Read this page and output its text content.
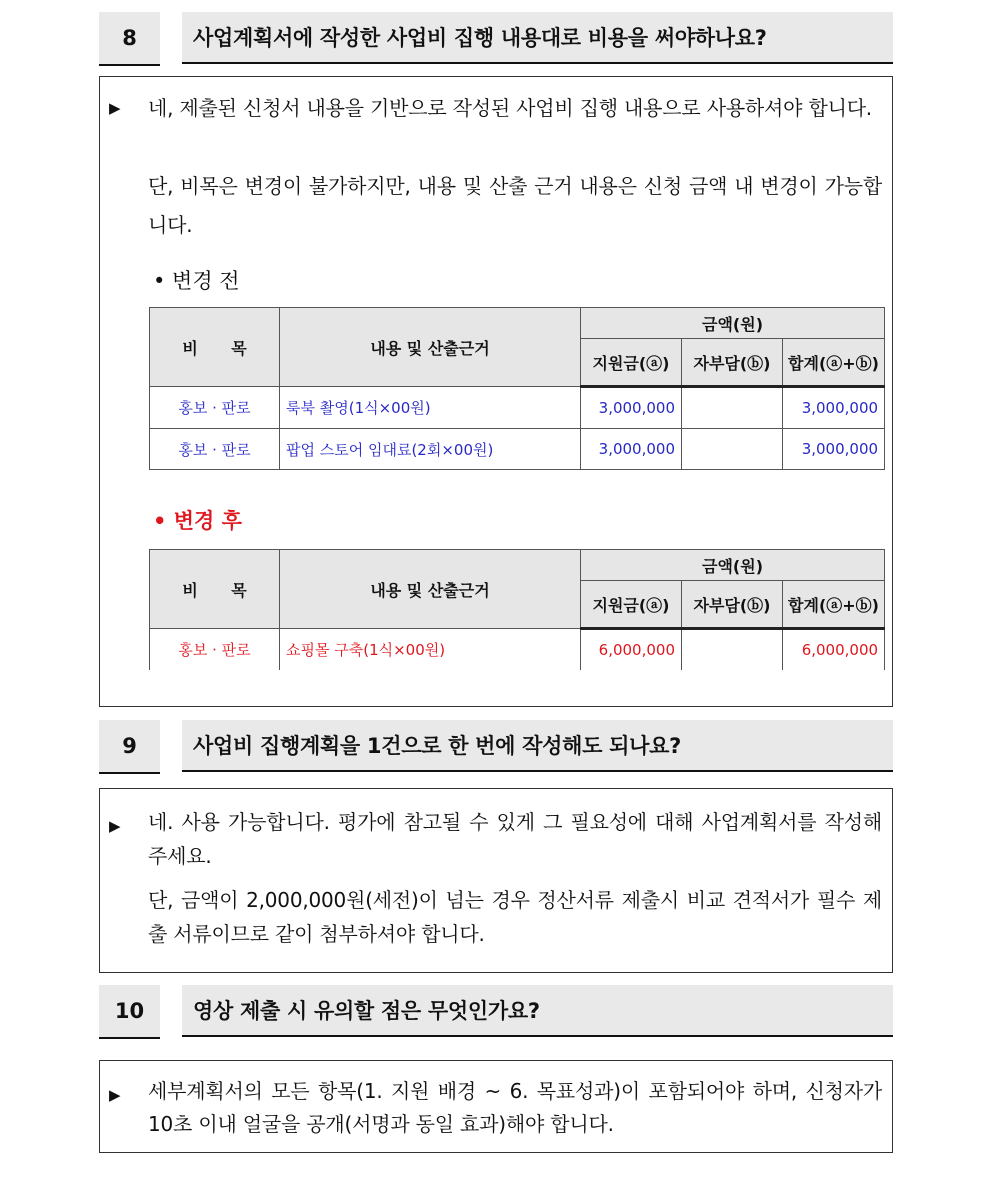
8	사업계획서에 작성한 사업비 집행 내용대로 비용을 써야하나요?
▶ 네, 제출된 신청서 내용을 기반으로 작성된 사업비 집행 내용으로 사용하셔야 합니다.
단, 비목은 변경이 불가하지만, 내용 및 산출 근거 내용은 신청 금액 내 변경이 가능합니다.
• 변경 전
비      목	내용 및 산출근거	금액(원)		
		지원금(ⓐ)	자부담(ⓑ)	합계(ⓐ+ⓑ)
홍보 · 판로	룩북 촬영(1식×00원)	3,000,000		3,000,000
홍보 · 판로	팝업 스토어 임대료(2회×00원)	3,000,000		3,000,000
• 변경 후
비      목	내용 및 산출근거	금액(원)		
		지원금(ⓐ)	자부담(ⓑ)	합계(ⓐ+ⓑ)
홍보 · 판로	쇼핑몰 구축(1식×00원)	6,000,000		6,000,000
9	사업비 집행계획을 1건으로 한 번에 작성해도 되나요?
▶ 네. 사용 가능합니다. 평가에 참고될 수 있게 그 필요성에 대해 사업계획서를 작성해 주세요.
단, 금액이 2,000,000원(세전)이 넘는 경우 정산서류 제출시 비교 견적서가 필수 제출 서류이므로 같이 첨부하셔야 합니다.
10	영상 제출 시 유의할 점은 무엇인가요?
▶ 세부계획서의 모든 항목(1. 지원 배경 ~ 6. 목표성과)이 포함되어야 하며, 신청자가 10초 이내 얼굴을 공개(서명과 동일 효과)해야 합니다.
